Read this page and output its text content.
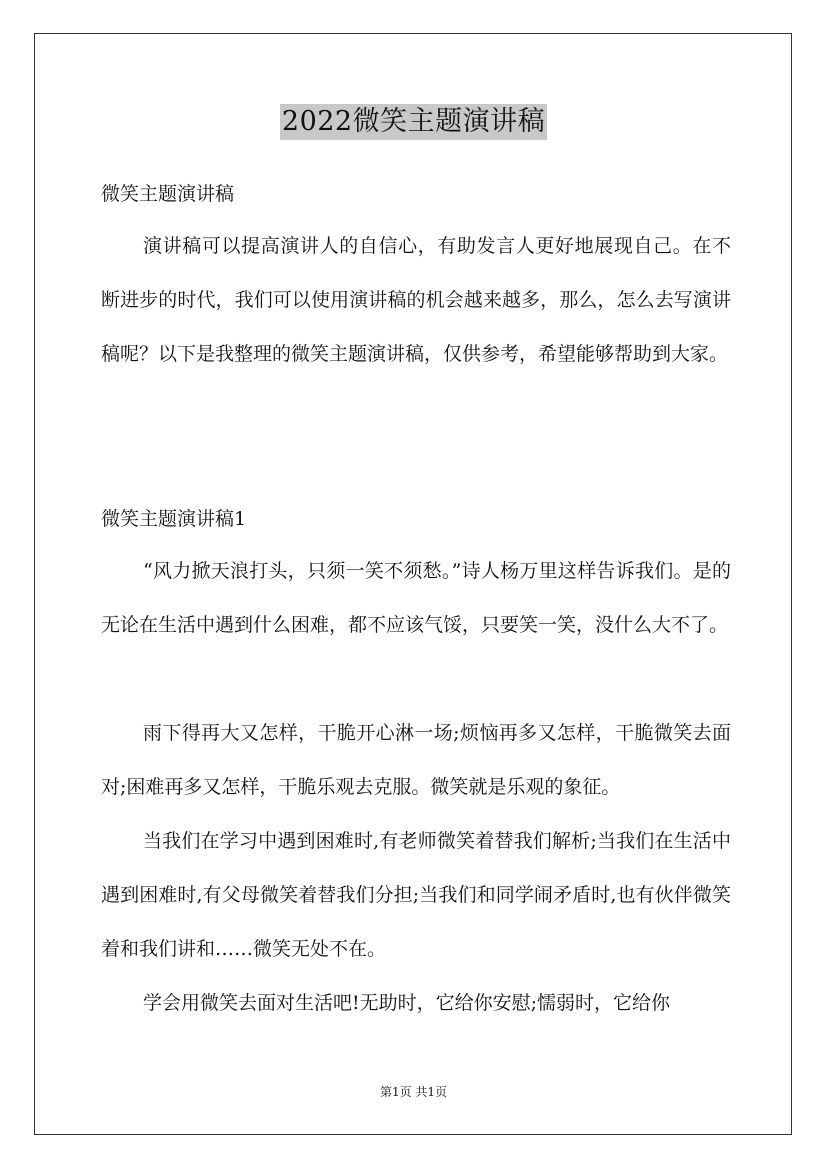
2022微笑主题演讲稿
微笑主题演讲稿

演讲稿可以提高演讲人的自信心，有助发言人更好地展现自己。在不断进步的时代，我们可以使用演讲稿的机会越来越多，那么，怎么去写演讲稿呢？以下是我整理的微笑主题演讲稿，仅供参考，希望能够帮助到大家。

微笑主题演讲稿1

“风力掀天浪打头，只须一笑不须愁。”诗人杨万里这样告诉我们。是的无论在生活中遇到什么困难，都不应该气馁，只要笑一笑，没什么大不了。

雨下得再大又怎样，干脆开心淋一场;烦恼再多又怎样，干脆微笑去面对;困难再多又怎样，干脆乐观去克服。微笑就是乐观的象征。

当我们在学习中遇到困难时,有老师微笑着替我们解析;当我们在生活中遇到困难时,有父母微笑着替我们分担;当我们和同学闹矛盾时,也有伙伴微笑着和我们讲和……微笑无处不在。

学会用微笑去面对生活吧!无助时，它给你安慰;懦弱时，它给你

第1页 共1页
